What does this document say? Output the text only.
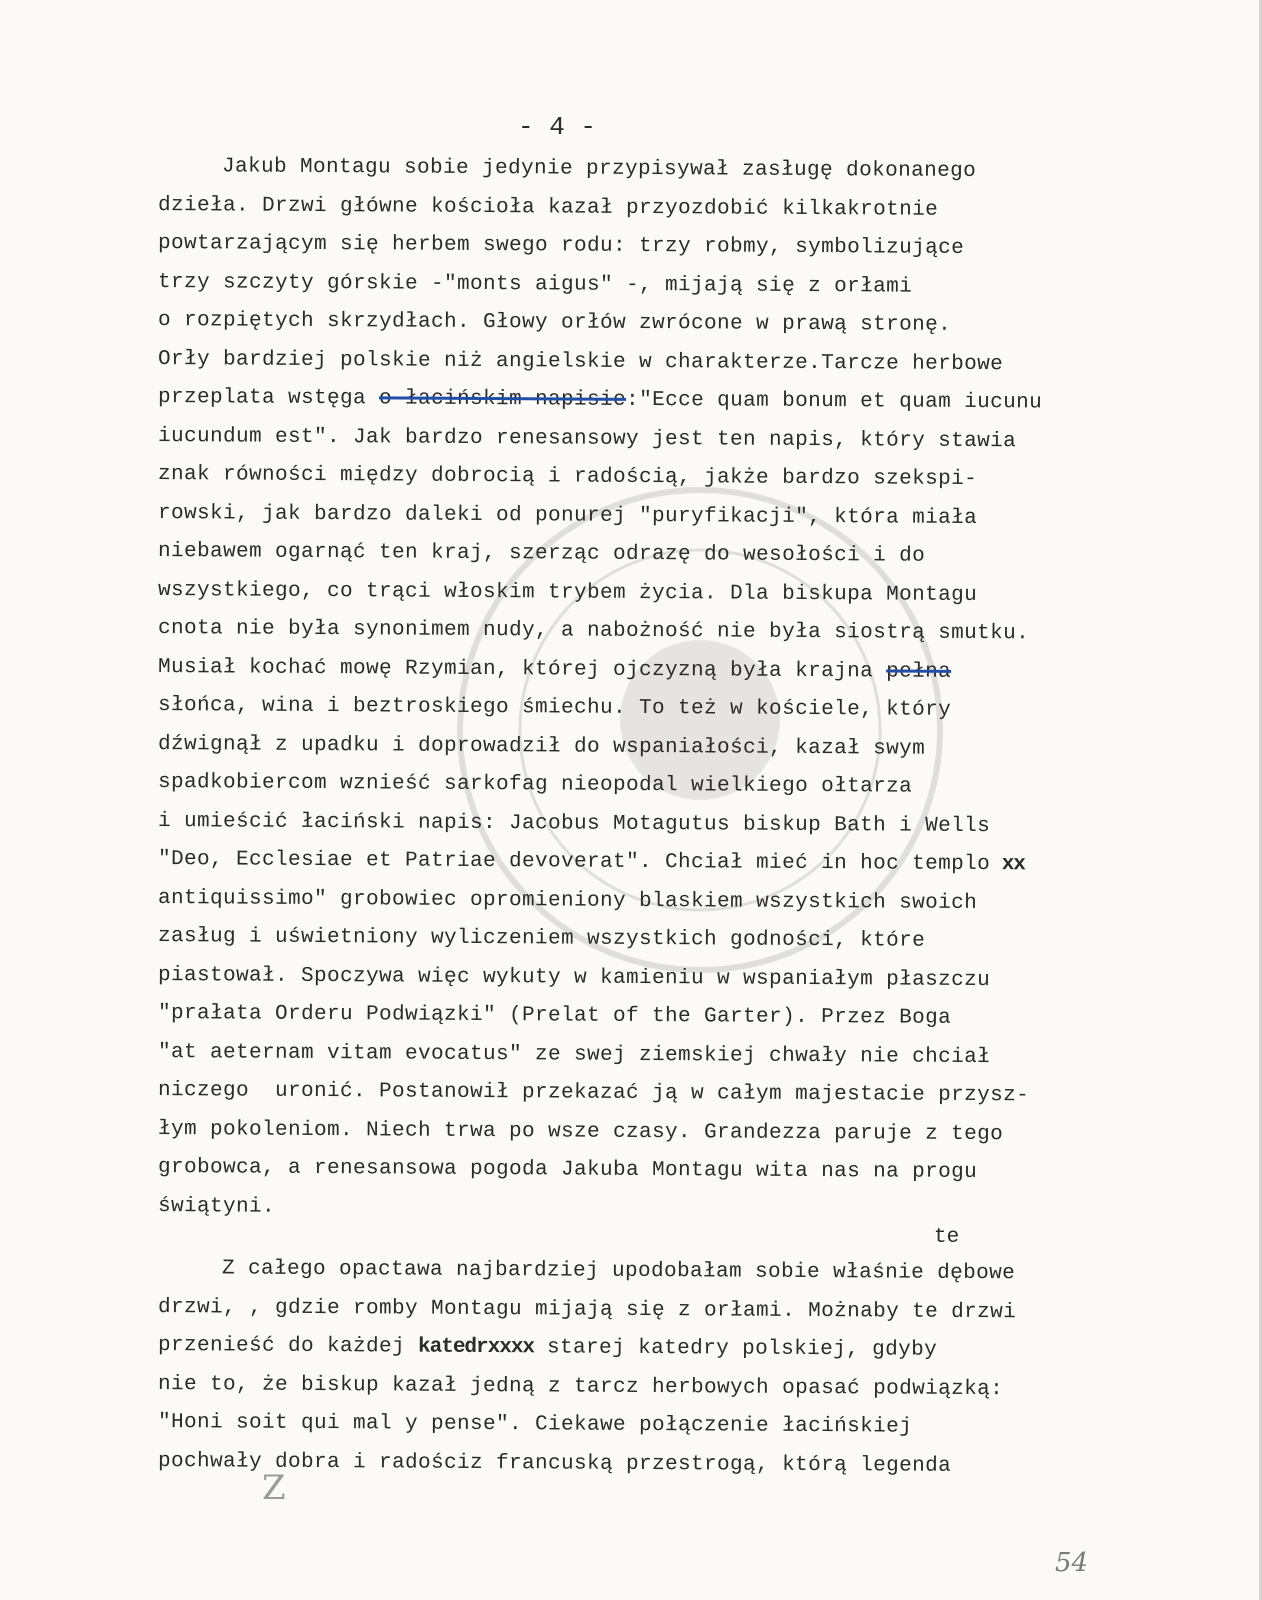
- 4 -
Jakub Montagu sobie jedynie przypisywał zasługę dokonanego
dzieła. Drzwi główne kościoła kazał przyozdobić kilkakrotnie
powtarzającym się herbem swego rodu: trzy robmy, symbolizujące
trzy szczyty górskie -"monts aigus" -, mijają się z orłami
o rozpiętych skrzydłach. Głowy orłów zwrócone w prawą stronę.
Orły bardziej polskie niż angielskie w charakterze.Tarcze herbowe
przeplata wstęga o łacińskim napisie:"Ecce quam bonum et quam iucunu
iucundum est". Jak bardzo renesansowy jest ten napis, który stawia
znak równości między dobrocią i radością, jakże bardzo szekspi-
rowski, jak bardzo daleki od ponurej "puryfikacji", która miała
niebawem ogarnąć ten kraj, szerząc odrazę do wesołości i do
wszystkiego, co trąci włoskim trybem życia. Dla biskupa Montagu
cnota nie była synonimem nudy, a nabożność nie była siostrą smutku.
Musiał kochać mowę Rzymian, której ojczyzną była krajna pełna
słońca, wina i beztroskiego śmiechu. To też w kościele, który
dźwignął z upadku i doprowadził do wspaniałości, kazał swym
spadkobiercom wznieść sarkofag nieopodal wielkiego ołtarza
i umieścić łaciński napis: Jacobus Motagutus biskup Bath i Wells
"Deo, Ecclesiae et Patriae devoverat". Chciał mieć in hoc templo xx
antiquissimo" grobowiec opromieniony blaskiem wszystkich swoich
zasług i uświetniony wyliczeniem wszystkich godności, które
piastował. Spoczywa więc wykuty w kamieniu w wspaniałym płaszczu
"prałata Orderu Podwiązki" (Prelat of the Garter). Przez Boga
"at aeternam vitam evocatus" ze swej ziemskiej chwały nie chciał
niczego  uronić. Postanowił przekazać ją w całym majestacie przysz-
łym pokoleniom. Niech trwa po wsze czasy. Grandezza paruje z tego
grobowca, a renesansowa pogoda Jakuba Montagu wita nas na progu
świątyni.
Z całego opactawa najbardziej upodobałam sobie właśnie dębowe
drzwi, , gdzie romby Montagu mijają się z orłami. Możnaby te drzwi
przenieść do każdej katedrxxxx starej katedry polskiej, gdyby
nie to, że biskup kazał jedną z tarcz herbowych opasać podwiązką:
"Honi soit qui mal y pense". Ciekawe połączenie łacińskiej
pochwały dobra i radościz francuską przestrogą, którą legenda
te
Z
54
